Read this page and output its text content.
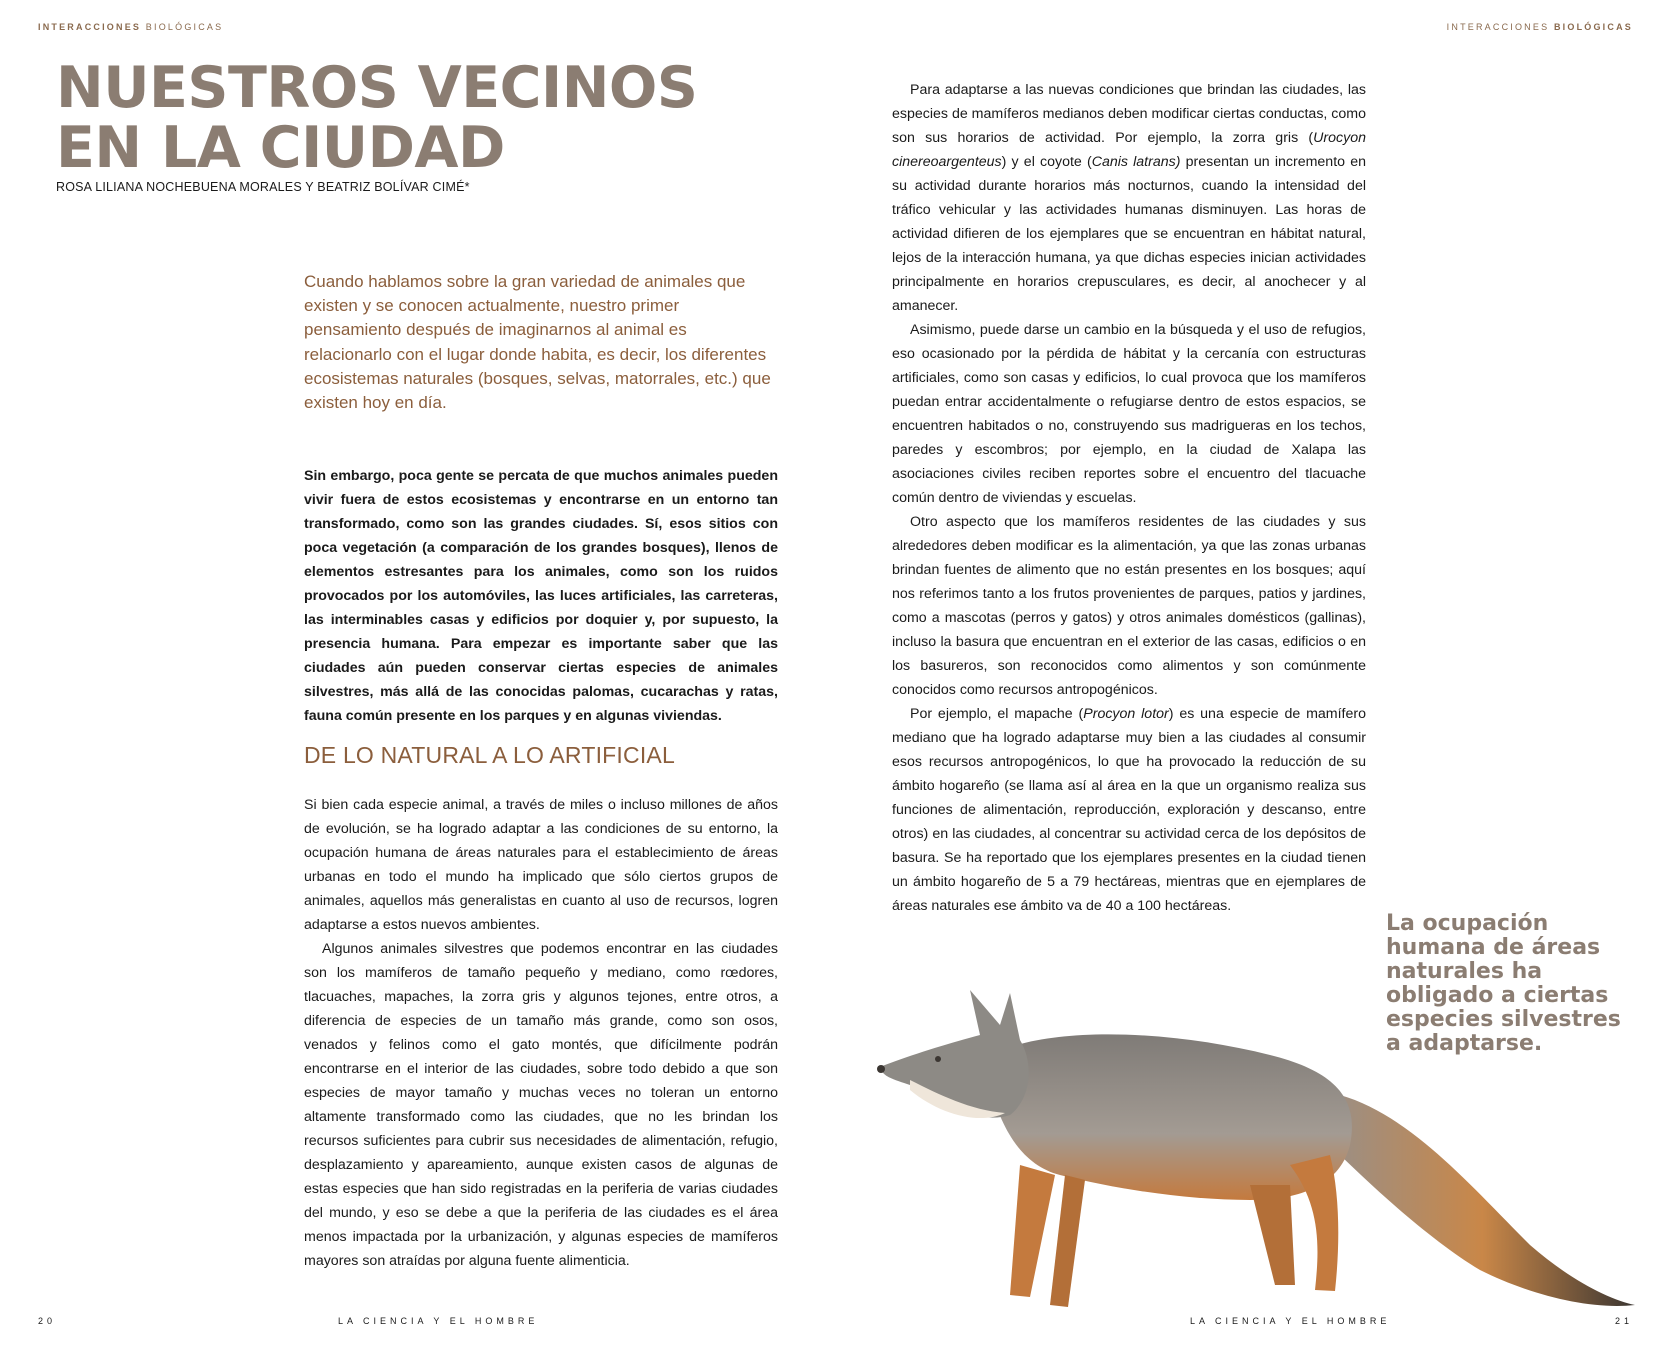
INTERACCIONES BIOLÓGICAS	INTERACCIONES BIOLÓGICAS
NUESTROS VECINOS EN LA CIUDAD
ROSA LILIANA NOCHEBUENA MORALES Y BEATRIZ BOLÍVAR CIMÉ*
Cuando hablamos sobre la gran variedad de animales que existen y se conocen actualmente, nuestro primer pensamiento después de imaginarnos al animal es relacionarlo con el lugar donde habita, es decir, los diferentes ecosistemas naturales (bosques, selvas, matorrales, etc.) que existen hoy en día.

Sin embargo, poca gente se percata de que muchos animales pueden vivir fuera de estos ecosistemas y encontrarse en un entorno tan transformado, como son las grandes ciudades. Sí, esos sitios con poca vegetación (a comparación de los grandes bosques), llenos de elementos estresantes para los animales, como son los ruidos provocados por los automóviles, las luces artificiales, las carreteras, las interminables casas y edificios por doquier y, por supuesto, la presencia humana. Para empezar es importante saber que las ciudades aún pueden conservar ciertas especies de animales silvestres, más allá de las conocidas palomas, cucarachas y ratas, fauna común presente en los parques y en algunas viviendas.

DE LO NATURAL A LO ARTIFICIAL

Si bien cada especie animal, a través de miles o incluso millones de años de evolución, se ha logrado adaptar a las condiciones de su entorno, la ocupación humana de áreas naturales para el establecimiento de áreas urbanas en todo el mundo ha implicado que sólo ciertos grupos de animales, aquellos más generalistas en cuanto al uso de recursos, logren adaptarse a estos nuevos ambientes.

Algunos animales silvestres que podemos encontrar en las ciudades son los mamíferos de tamaño pequeño y mediano, como rœdores, tlacuaches, mapaches, la zorra gris y algunos tejones, entre otros, a diferencia de especies de un tamaño más grande, como son osos, venados y felinos como el gato montés, que difícilmente podrán encontrarse en el interior de las ciudades, sobre todo debido a que son especies de mayor tamaño y muchas veces no toleran un entorno altamente transformado como las ciudades, que no les brindan los recursos suficientes para cubrir sus necesidades de alimentación, refugio, desplazamiento y apareamiento, aunque existen casos de algunas de estas especies que han sido registradas en la periferia de varias ciudades del mundo, y eso se debe a que la periferia de las ciudades es el área menos impactada por la urbanización, y algunas especies de mamíferos mayores son atraídas por alguna fuente alimenticia.

Para adaptarse a las nuevas condiciones que brindan las ciudades, las especies de mamíferos medianos deben modificar ciertas conductas, como son sus horarios de actividad. Por ejemplo, la zorra gris (Urocyon cinereoargenteus) y el coyote (Canis latrans) presentan un incremento en su actividad durante horarios más nocturnos, cuando la intensidad del tráfico vehicular y las actividades humanas disminuyen. Las horas de actividad difieren de los ejemplares que se encuentran en hábitat natural, lejos de la interacción humana, ya que dichas especies inician actividades principalmente en horarios crepusculares, es decir, al anochecer y al amanecer.

Asimismo, puede darse un cambio en la búsqueda y el uso de refugios, eso ocasionado por la pérdida de hábitat y la cercanía con estructuras artificiales, como son casas y edificios, lo cual provoca que los mamíferos puedan entrar accidentalmente o refugiarse dentro de estos espacios, se encuentren habitados o no, construyendo sus madrigueras en los techos, paredes y escombros; por ejemplo, en la ciudad de Xalapa las asociaciones civiles reciben reportes sobre el encuentro del tlacuache común dentro de viviendas y escuelas.

Otro aspecto que los mamíferos residentes de las ciudades y sus alrededores deben modificar es la alimentación, ya que las zonas urbanas brindan fuentes de alimento que no están presentes en los bosques; aquí nos referimos tanto a los frutos provenientes de parques, patios y jardines, como a mascotas (perros y gatos) y otros animales domésticos (gallinas), incluso la basura que encuentran en el exterior de las casas, edificios o en los basureros, son reconocidos como alimentos y son comúnmente conocidos como recursos antropogénicos.

Por ejemplo, el mapache (Procyon lotor) es una especie de mamífero mediano que ha logrado adaptarse muy bien a las ciudades al consumir esos recursos antropogénicos, lo que ha provocado la reducción de su ámbito hogareño (se llama así al área en la que un organismo realiza sus funciones de alimentación, reproducción, exploración y descanso, entre otros) en las ciudades, al concentrar su actividad cerca de los depósitos de basura. Se ha reportado que los ejemplares presentes en la ciudad tienen un ámbito hogareño de 5 a 79 hectáreas, mientras que en ejemplares de áreas naturales ese ámbito va de 40 a 100 hectáreas.

La ocupación humana de áreas naturales ha obligado a ciertas especies silvestres a adaptarse.
20	LA CIENCIA Y EL HOMBRE	LA CIENCIA Y EL HOMBRE	21
